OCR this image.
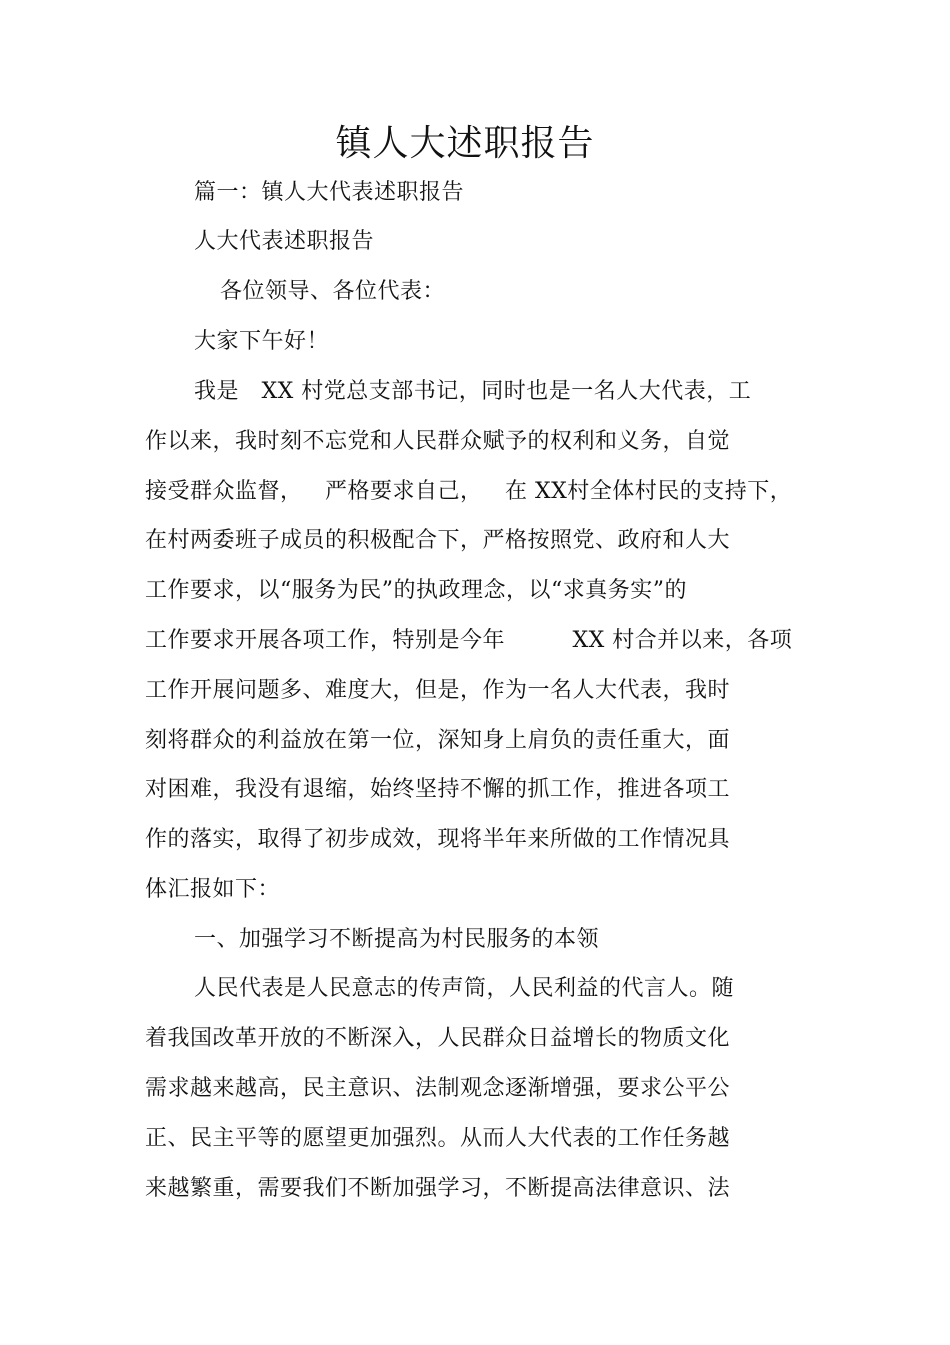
镇人大述职报告
篇一：镇人大代表述职报告
人大代表述职报告
各位领导、各位代表：
大家下午好！
我是   XX 村党总支部书记，同时也是一名人大代表，工
作以来，我时刻不忘党和人民群众赋予的权利和义务，自觉
接受群众监督，   严格要求自己，   在 XX村全体村民的支持下，
在村两委班子成员的积极配合下，严格按照党、政府和人大
工作要求，以“服务为民”的执政理念，以“求真务实”的
工作要求开展各项工作，特别是今年         XX 村合并以来，各项
工作开展问题多、难度大，但是，作为一名人大代表，我时
刻将群众的利益放在第一位，深知身上肩负的责任重大，面
对困难，我没有退缩，始终坚持不懈的抓工作，推进各项工
作的落实，取得了初步成效，现将半年来所做的工作情况具
体汇报如下：
一、加强学习不断提高为村民服务的本领
人民代表是人民意志的传声筒，人民利益的代言人。随
着我国改革开放的不断深入，人民群众日益增长的物质文化
需求越来越高，民主意识、法制观念逐渐增强，要求公平公
正、民主平等的愿望更加强烈。从而人大代表的工作任务越
来越繁重，需要我们不断加强学习，不断提高法律意识、法
